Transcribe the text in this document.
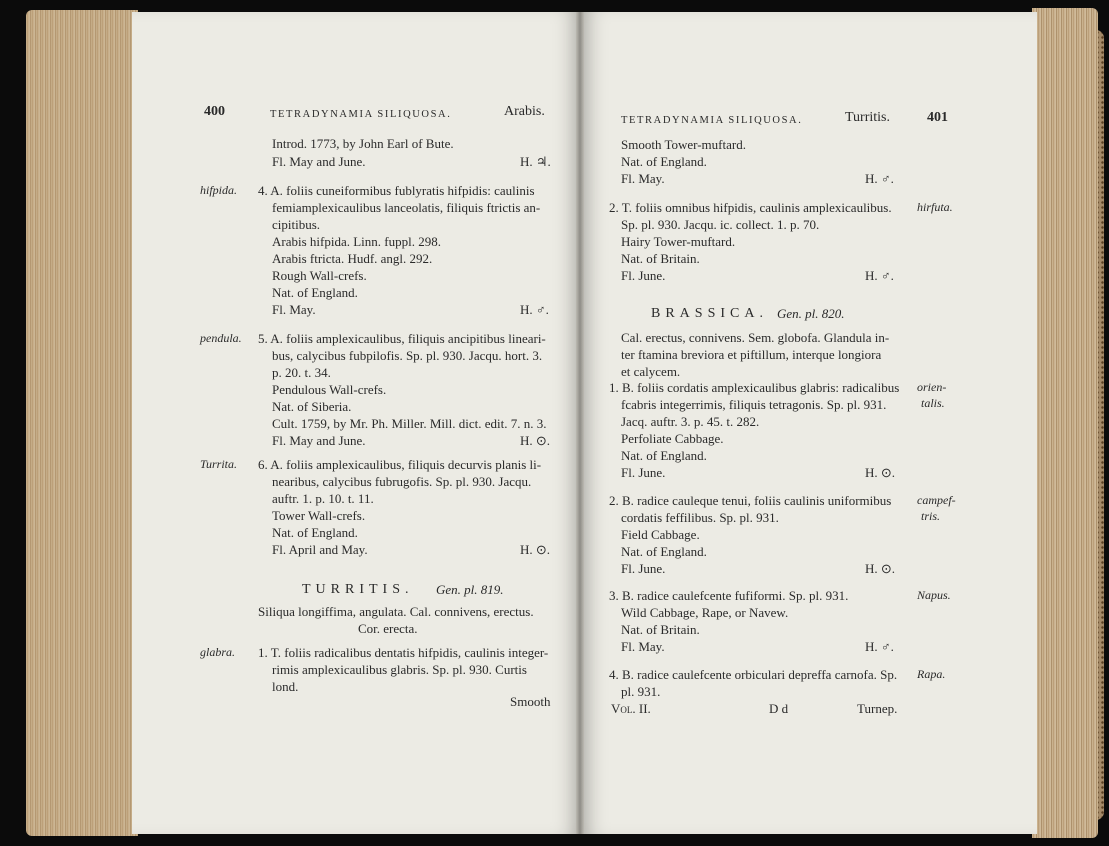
400	TETRADYNAMIA SILIQUOSA.	Arabis.
Introd. 1773, by John Earl of Bute.
Fl. May and June.	H. ♃.
hifpida. 4. A. foliis cuneiformibus fublyratis hifpidis: caulinis
femiamplexicaulibus lanceolatis, filiquis ftrictis an-
cipitibus.
Arabis hifpida. Linn. fuppl. 298.
Arabis ftricta. Hudf. angl. 292.
Rough Wall-crefs.
Nat. of England.
Fl. May.	H. ♂.
pendula. 5. A. foliis amplexicaulibus, filiquis ancipitibus lineari-
bus, calycibus fubpilofis. Sp. pl. 930. Jacqu. hort. 3.
p. 20. t. 34.
Pendulous Wall-crefs.
Nat. of Siberia.
Cult. 1759, by Mr. Ph. Miller. Mill. dict. edit. 7. n. 3.
Fl. May and June.	H. ⊙.
Turrita. 6. A. foliis amplexicaulibus, filiquis decurvis planis li-
nearibus, calycibus fubrugofis. Sp. pl. 930. Jacqu.
auftr. 1. p. 10. t. 11.
Tower Wall-crefs.
Nat. of England.
Fl. April and May.	H. ⊙.
TURRITIS. Gen. pl. 819.
Siliqua longiffima, angulata. Cal. connivens, erectus.
Cor. erecta.
glabra. 1. T. foliis radicalibus dentatis hifpidis, caulinis integer-
rimis amplexicaulibus glabris. Sp. pl. 930. Curtis
lond.
Smooth
TETRADYNAMIA SILIQUOSA.	Turritis.	401
Smooth Tower-muftard.
Nat. of England.
Fl. May.	H. ♂.
2. T. foliis omnibus hifpidis, caulinis amplexicaulibus. hirfuta.
Sp. pl. 930. Jacqu. ic. collect. 1. p. 70.
Hairy Tower-muftard.
Nat. of Britain.
Fl. June.	H. ♂.
BRASSICA. Gen. pl. 820.
Cal. erectus, connivens. Sem. globofa. Glandula in-
ter ftamina breviora et piftillum, interque longiora
et calycem.
1. B. foliis cordatis amplexicaulibus glabris: radicalibus orien-
talis.
fcabris integerrimis, filiquis tetragonis. Sp. pl. 931.
Jacq. auftr. 3. p. 45. t. 282.
Perfoliate Cabbage.
Nat. of England.
Fl. June.	H. ⊙.
2. B. radice cauleque tenui, foliis caulinis uniformibus campef-
tris.
cordatis feffilibus. Sp. pl. 931.
Field Cabbage.
Nat. of England.
Fl. June.	H. ⊙.
3. B. radice caulefcente fufiformi. Sp. pl. 931.	Napus.
Wild Cabbage, Rape, or Navew.
Nat. of Britain.
Fl. May.	H. ♂.
4. B. radice caulefcente orbiculari depreffa carnofa. Sp. Rapa.
pl. 931.
Vol. II.	D d	Turnep.
